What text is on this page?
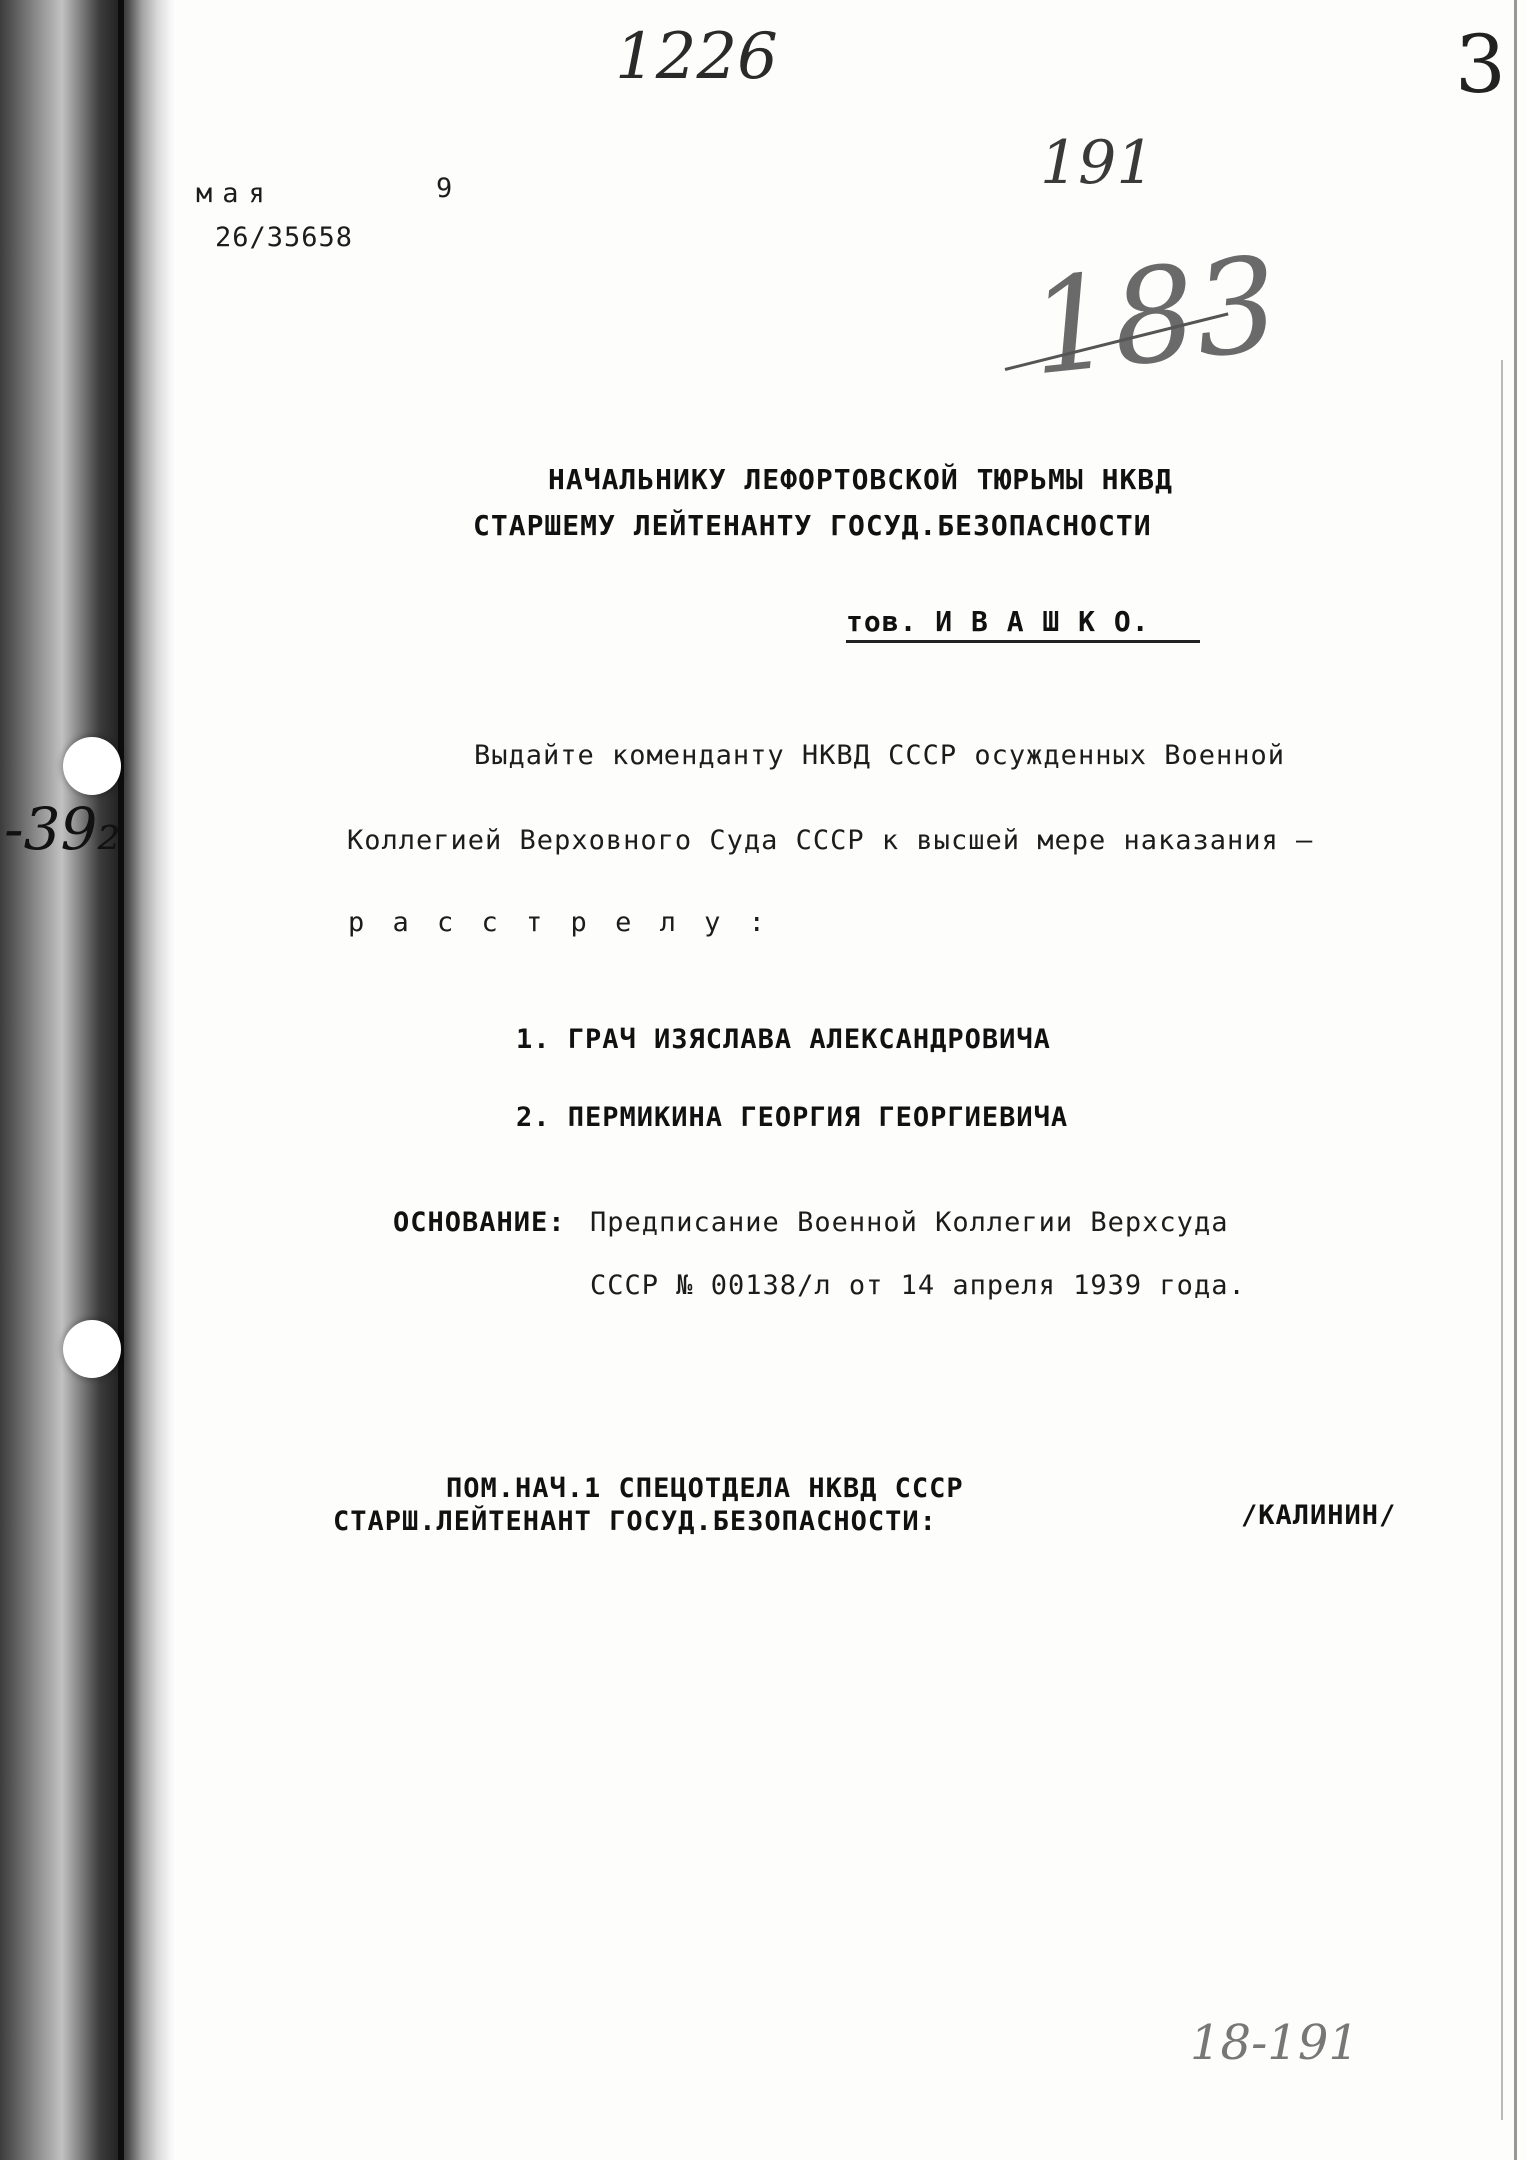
1226
191
183
3
-39₂
18-191
мая	9
26/35658
НАЧАЛЬНИКУ ЛЕФОРТОВСКОЙ ТЮРЬМЫ НКВД
СТАРШЕМУ ЛЕЙТЕНАНТУ ГОСУД.БЕЗОПАСНОСТИ
тов. И В А Ш К О.
Выдайте коменданту НКВД СССР осужденных Военной
Коллегией Верховного Суда СССР к высшей мере наказания –
р а с с т р е л у :
1. ГРАЧ ИЗЯСЛАВА АЛЕКСАНДРОВИЧА
2. ПЕРМИКИНА ГЕОРГИЯ ГЕОРГИЕВИЧА
ОСНОВАНИЕ: Предписание Военной Коллегии Верхсуда
СССР № 00138/л от 14 апреля 1939 года.
ПОМ.НАЧ.1 СПЕЦОТДЕЛА НКВД СССР
СТАРШ.ЛЕЙТЕНАНТ ГОСУД.БЕЗОПАСНОСТИ:	/КАЛИНИН/
